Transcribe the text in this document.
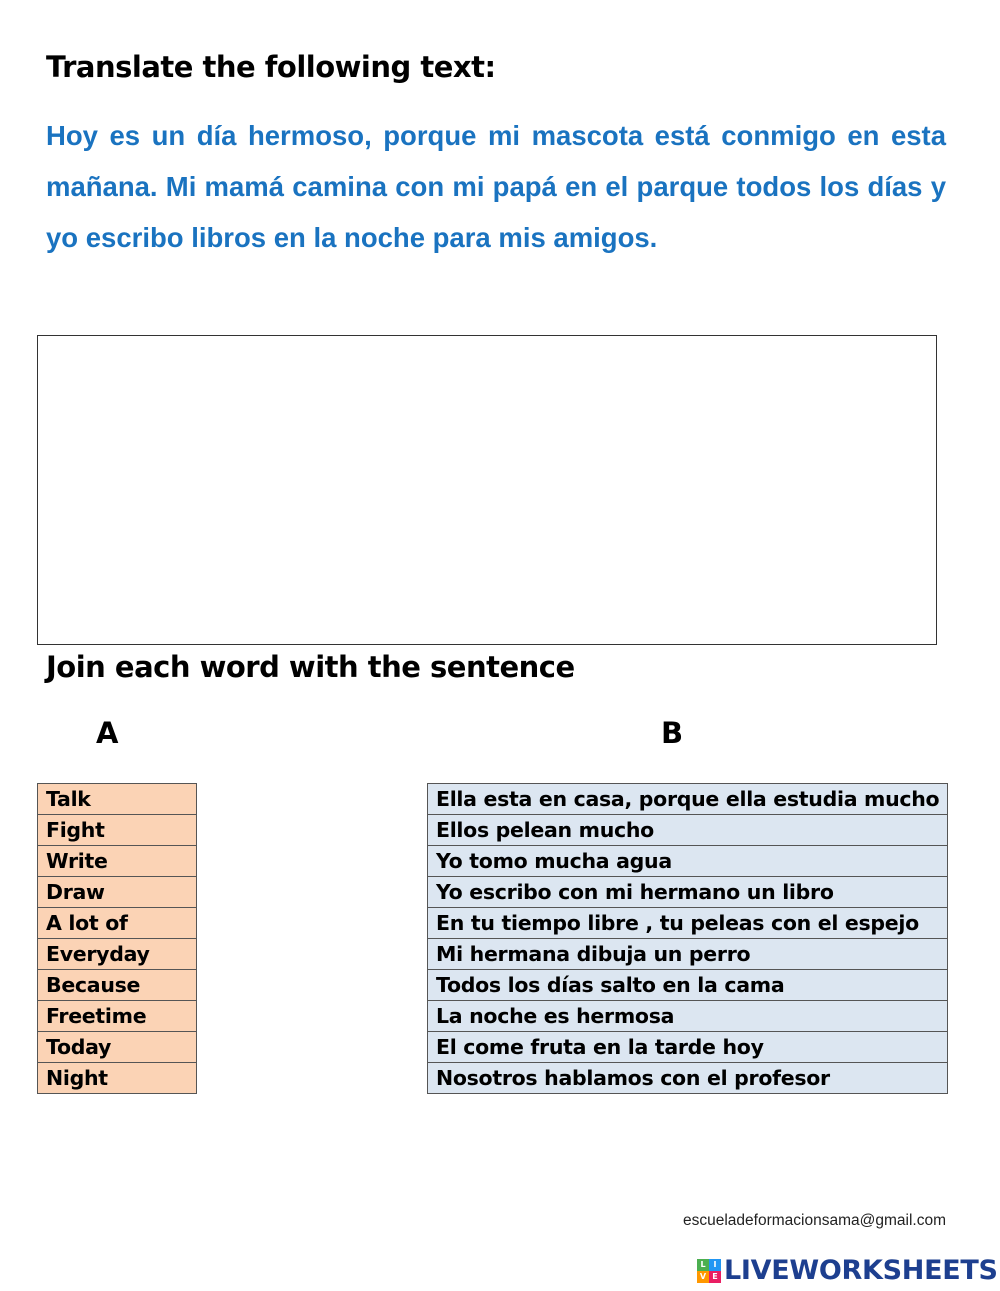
Translate the following text:

Hoy es un día hermoso, porque mi mascota está conmigo en esta mañana. Mi mamá camina con mi papá en el parque todos los días y yo escribo libros en la noche para mis amigos.

Join each word with the sentence
A	B
Talk
Fight
Write
Draw
A lot of
Everyday
Because
Freetime
Today
Night
Ella esta en casa, porque ella estudia mucho
Ellos pelean mucho
Yo tomo mucha agua
Yo escribo con mi hermano un libro
En tu tiempo libre , tu peleas con el espejo
Mi hermana dibuja un perro
Todos los días salto en la cama
La noche es hermosa
El come fruta en la tarde hoy
Nosotros hablamos con el profesor
escueladeformacionsama@gmail.com
L I
V E LIVEWORKSHEETS
